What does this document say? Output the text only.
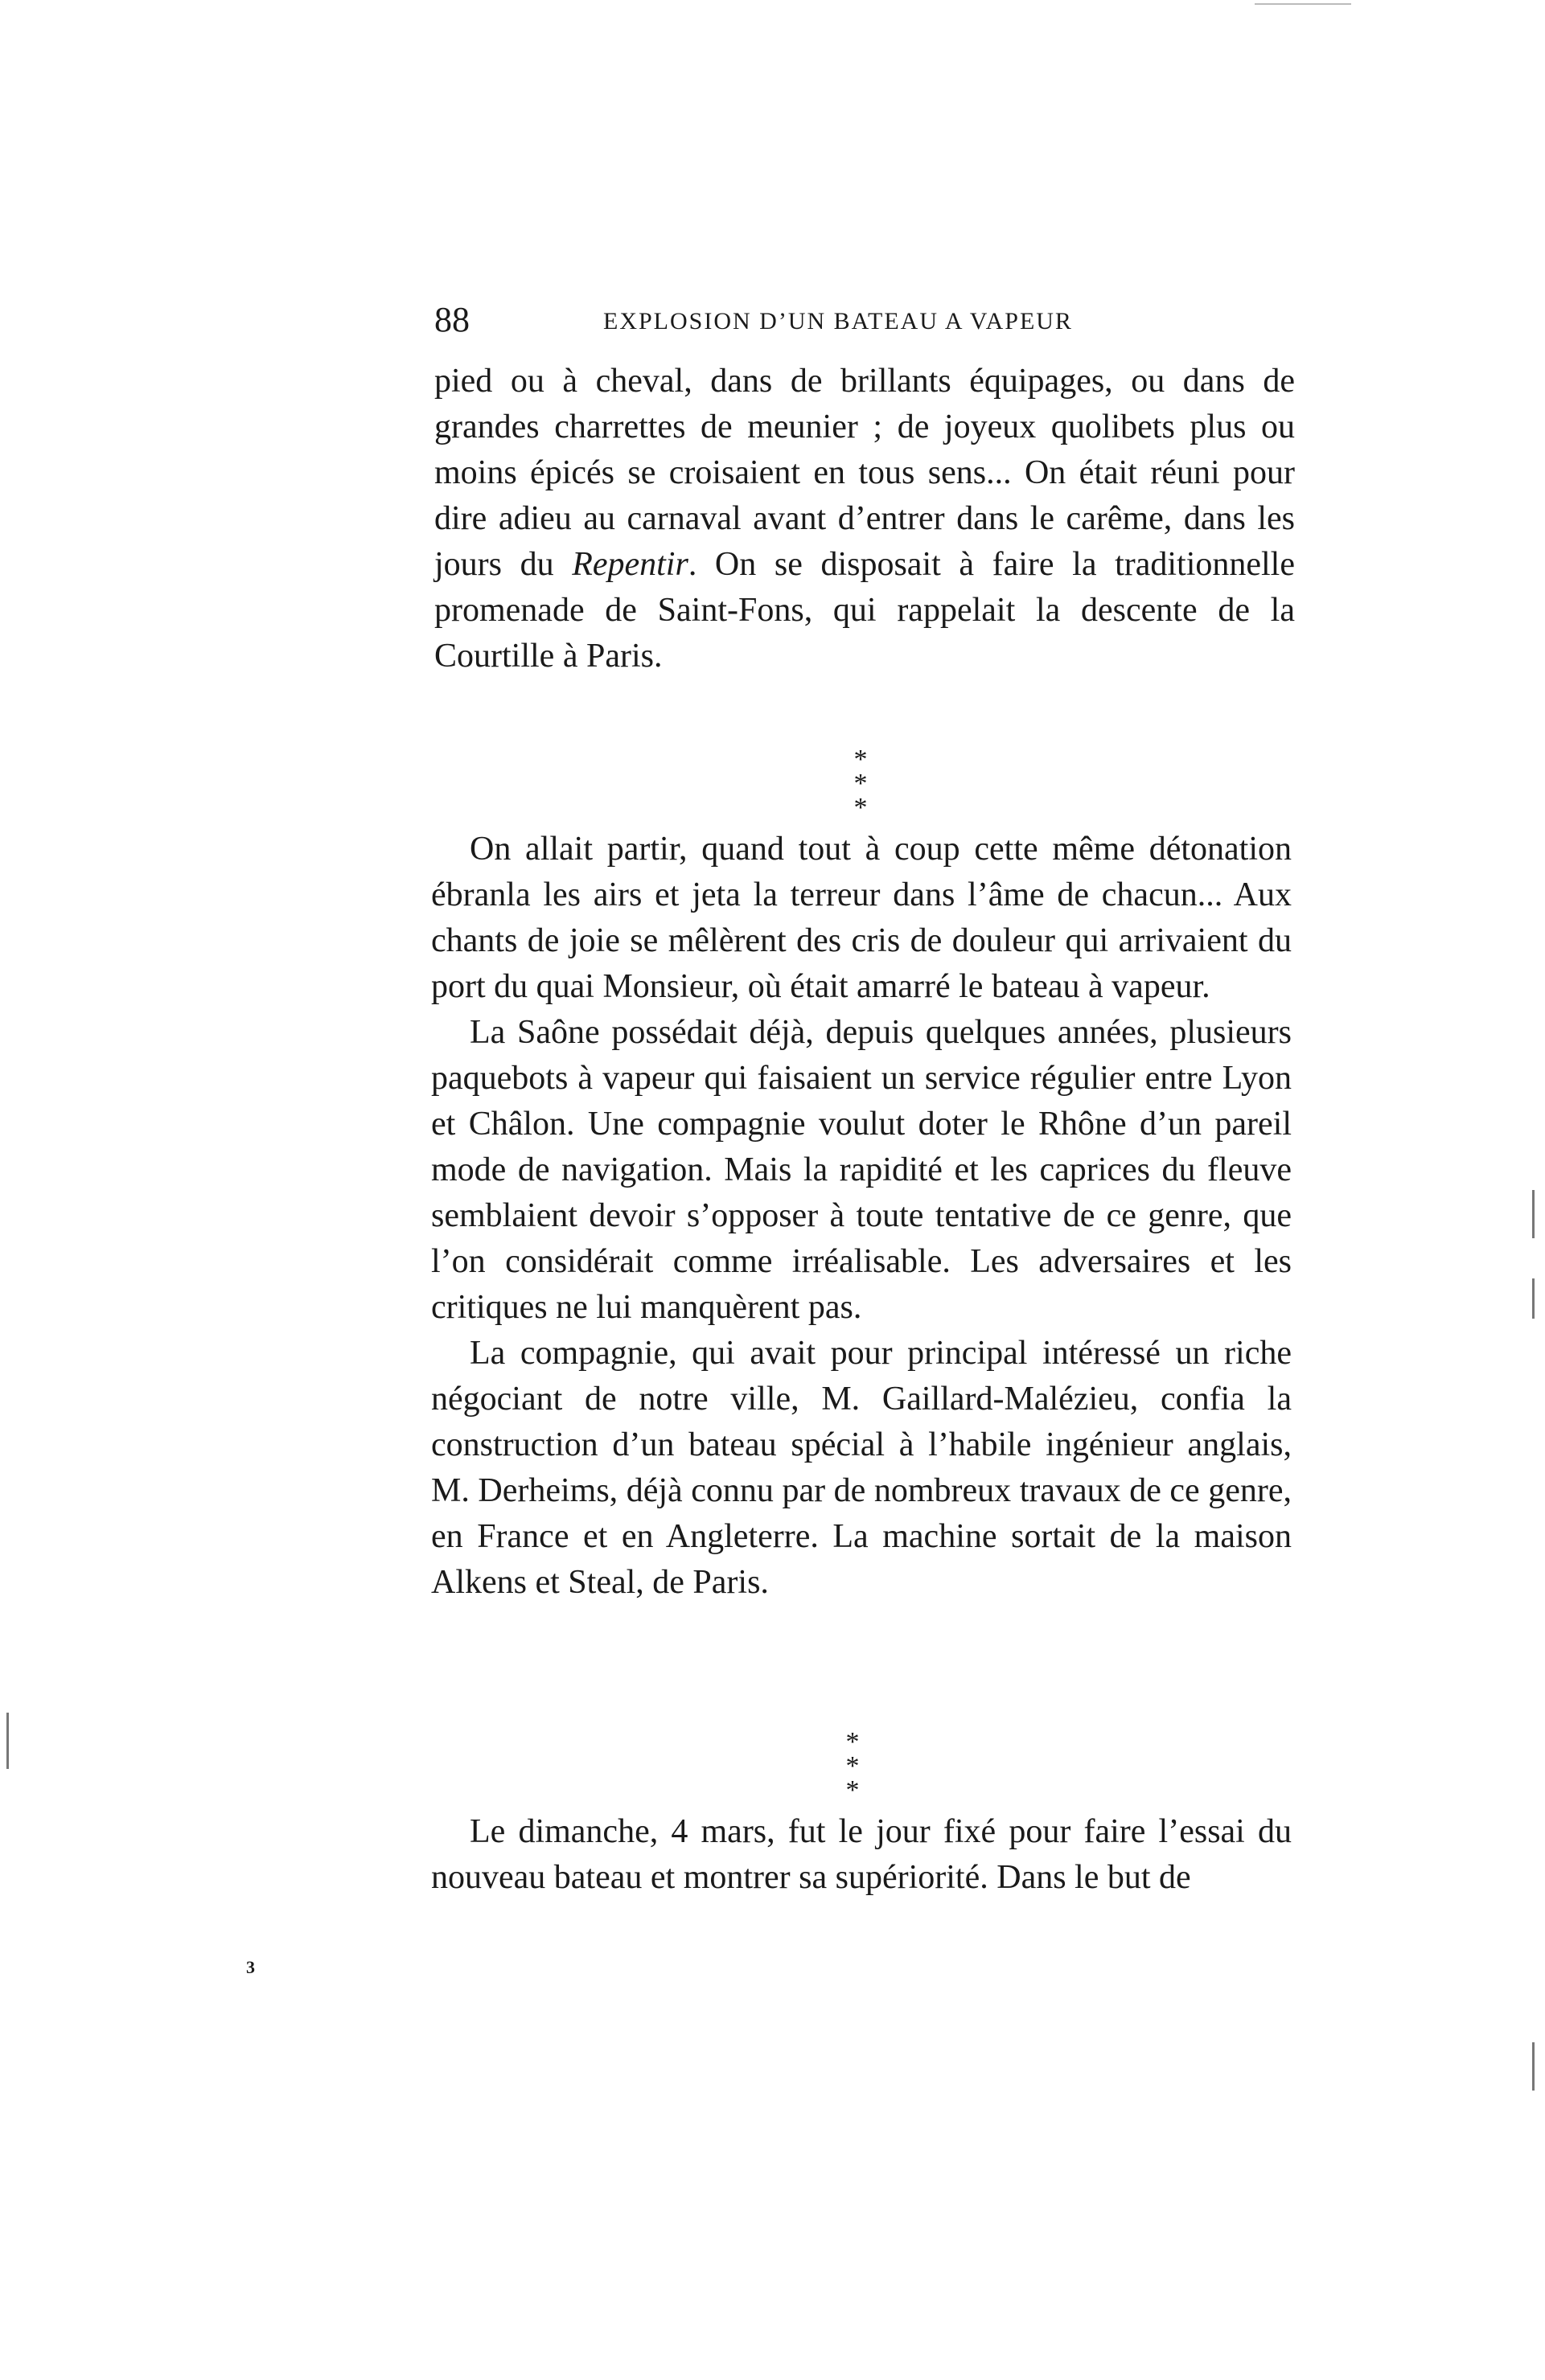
88	EXPLOSION D’UN BATEAU A VAPEUR

pied ou à cheval, dans de brillants équipages, ou dans de grandes charrettes de meunier ; de joyeux quolibets plus ou moins épicés se croisaient en tous sens... On était réuni pour dire adieu au carnaval avant d’entrer dans le carême, dans les jours du Repentir. On se disposait à faire la traditionnelle promenade de Saint-Fons, qui rappelait la descente de la Courtille à Paris.

*
* *

On allait partir, quand tout à coup cette même détonation ébranla les airs et jeta la terreur dans l’âme de chacun... Aux chants de joie se mêlèrent des cris de douleur qui arrivaient du port du quai Monsieur, où était amarré le bateau à vapeur.

La Saône possédait déjà, depuis quelques années, plusieurs paquebots à vapeur qui faisaient un service régulier entre Lyon et Châlon. Une compagnie voulut doter le Rhône d’un pareil mode de navigation. Mais la rapidité et les caprices du fleuve semblaient devoir s’opposer à toute tentative de ce genre, que l’on considérait comme irréalisable. Les adversaires et les critiques ne lui manquèrent pas.

La compagnie, qui avait pour principal intéressé un riche négociant de notre ville, M. Gaillard-Malézieu, confia la construction d’un bateau spécial à l’habile ingénieur anglais, M. Derheims, déjà connu par de nombreux travaux de ce genre, en France et en Angleterre. La machine sortait de la maison Alkens et Steal, de Paris.

*
* *

Le dimanche, 4 mars, fut le jour fixé pour faire l’essai du nouveau bateau et montrer sa supériorité. Dans le but de

3
